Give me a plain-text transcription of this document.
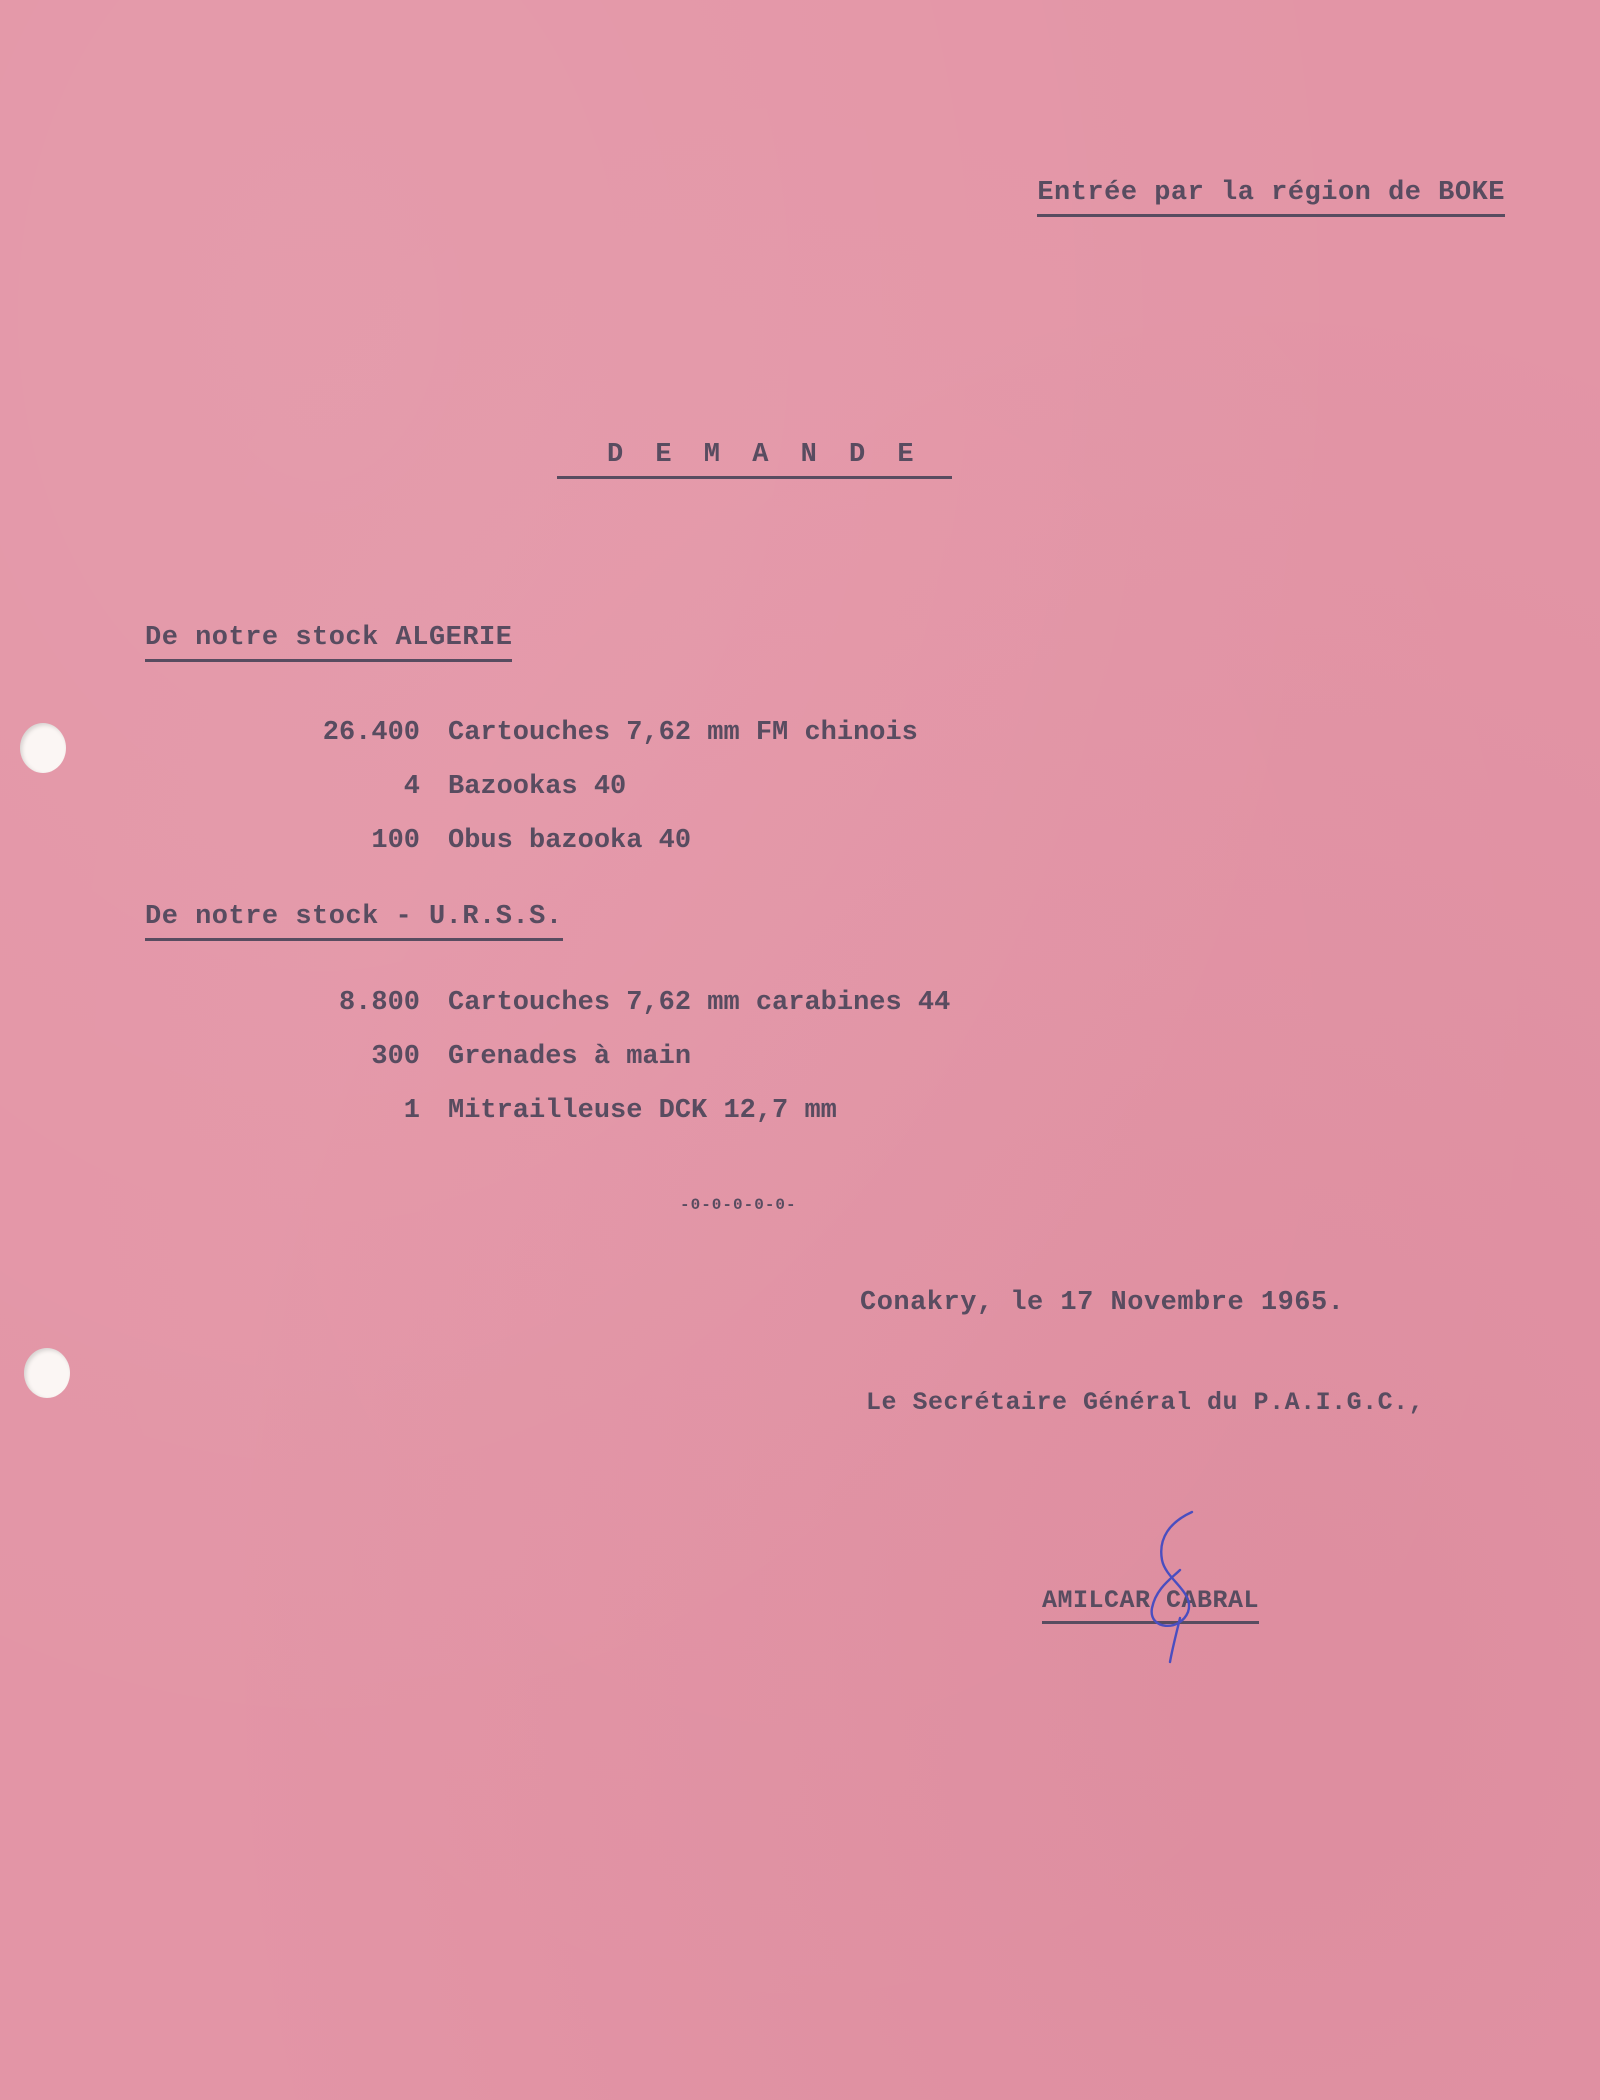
Entrée par la région de BOKE
D E M A N D E
De notre stock ALGERIE
26.400 Cartouches 7,62 mm FM chinois
4 Bazookas 40
100 Obus bazooka 40
De notre stock - U.R.S.S.
8.800 Cartouches 7,62 mm carabines 44
300 Grenades à main
1 Mitrailleuse DCK 12,7 mm
-0-0-0-0-0-
Conakry, le 17 Novembre 1965.
Le Secrétaire Général du P.A.I.G.C.,
AMILCAR CABRAL
